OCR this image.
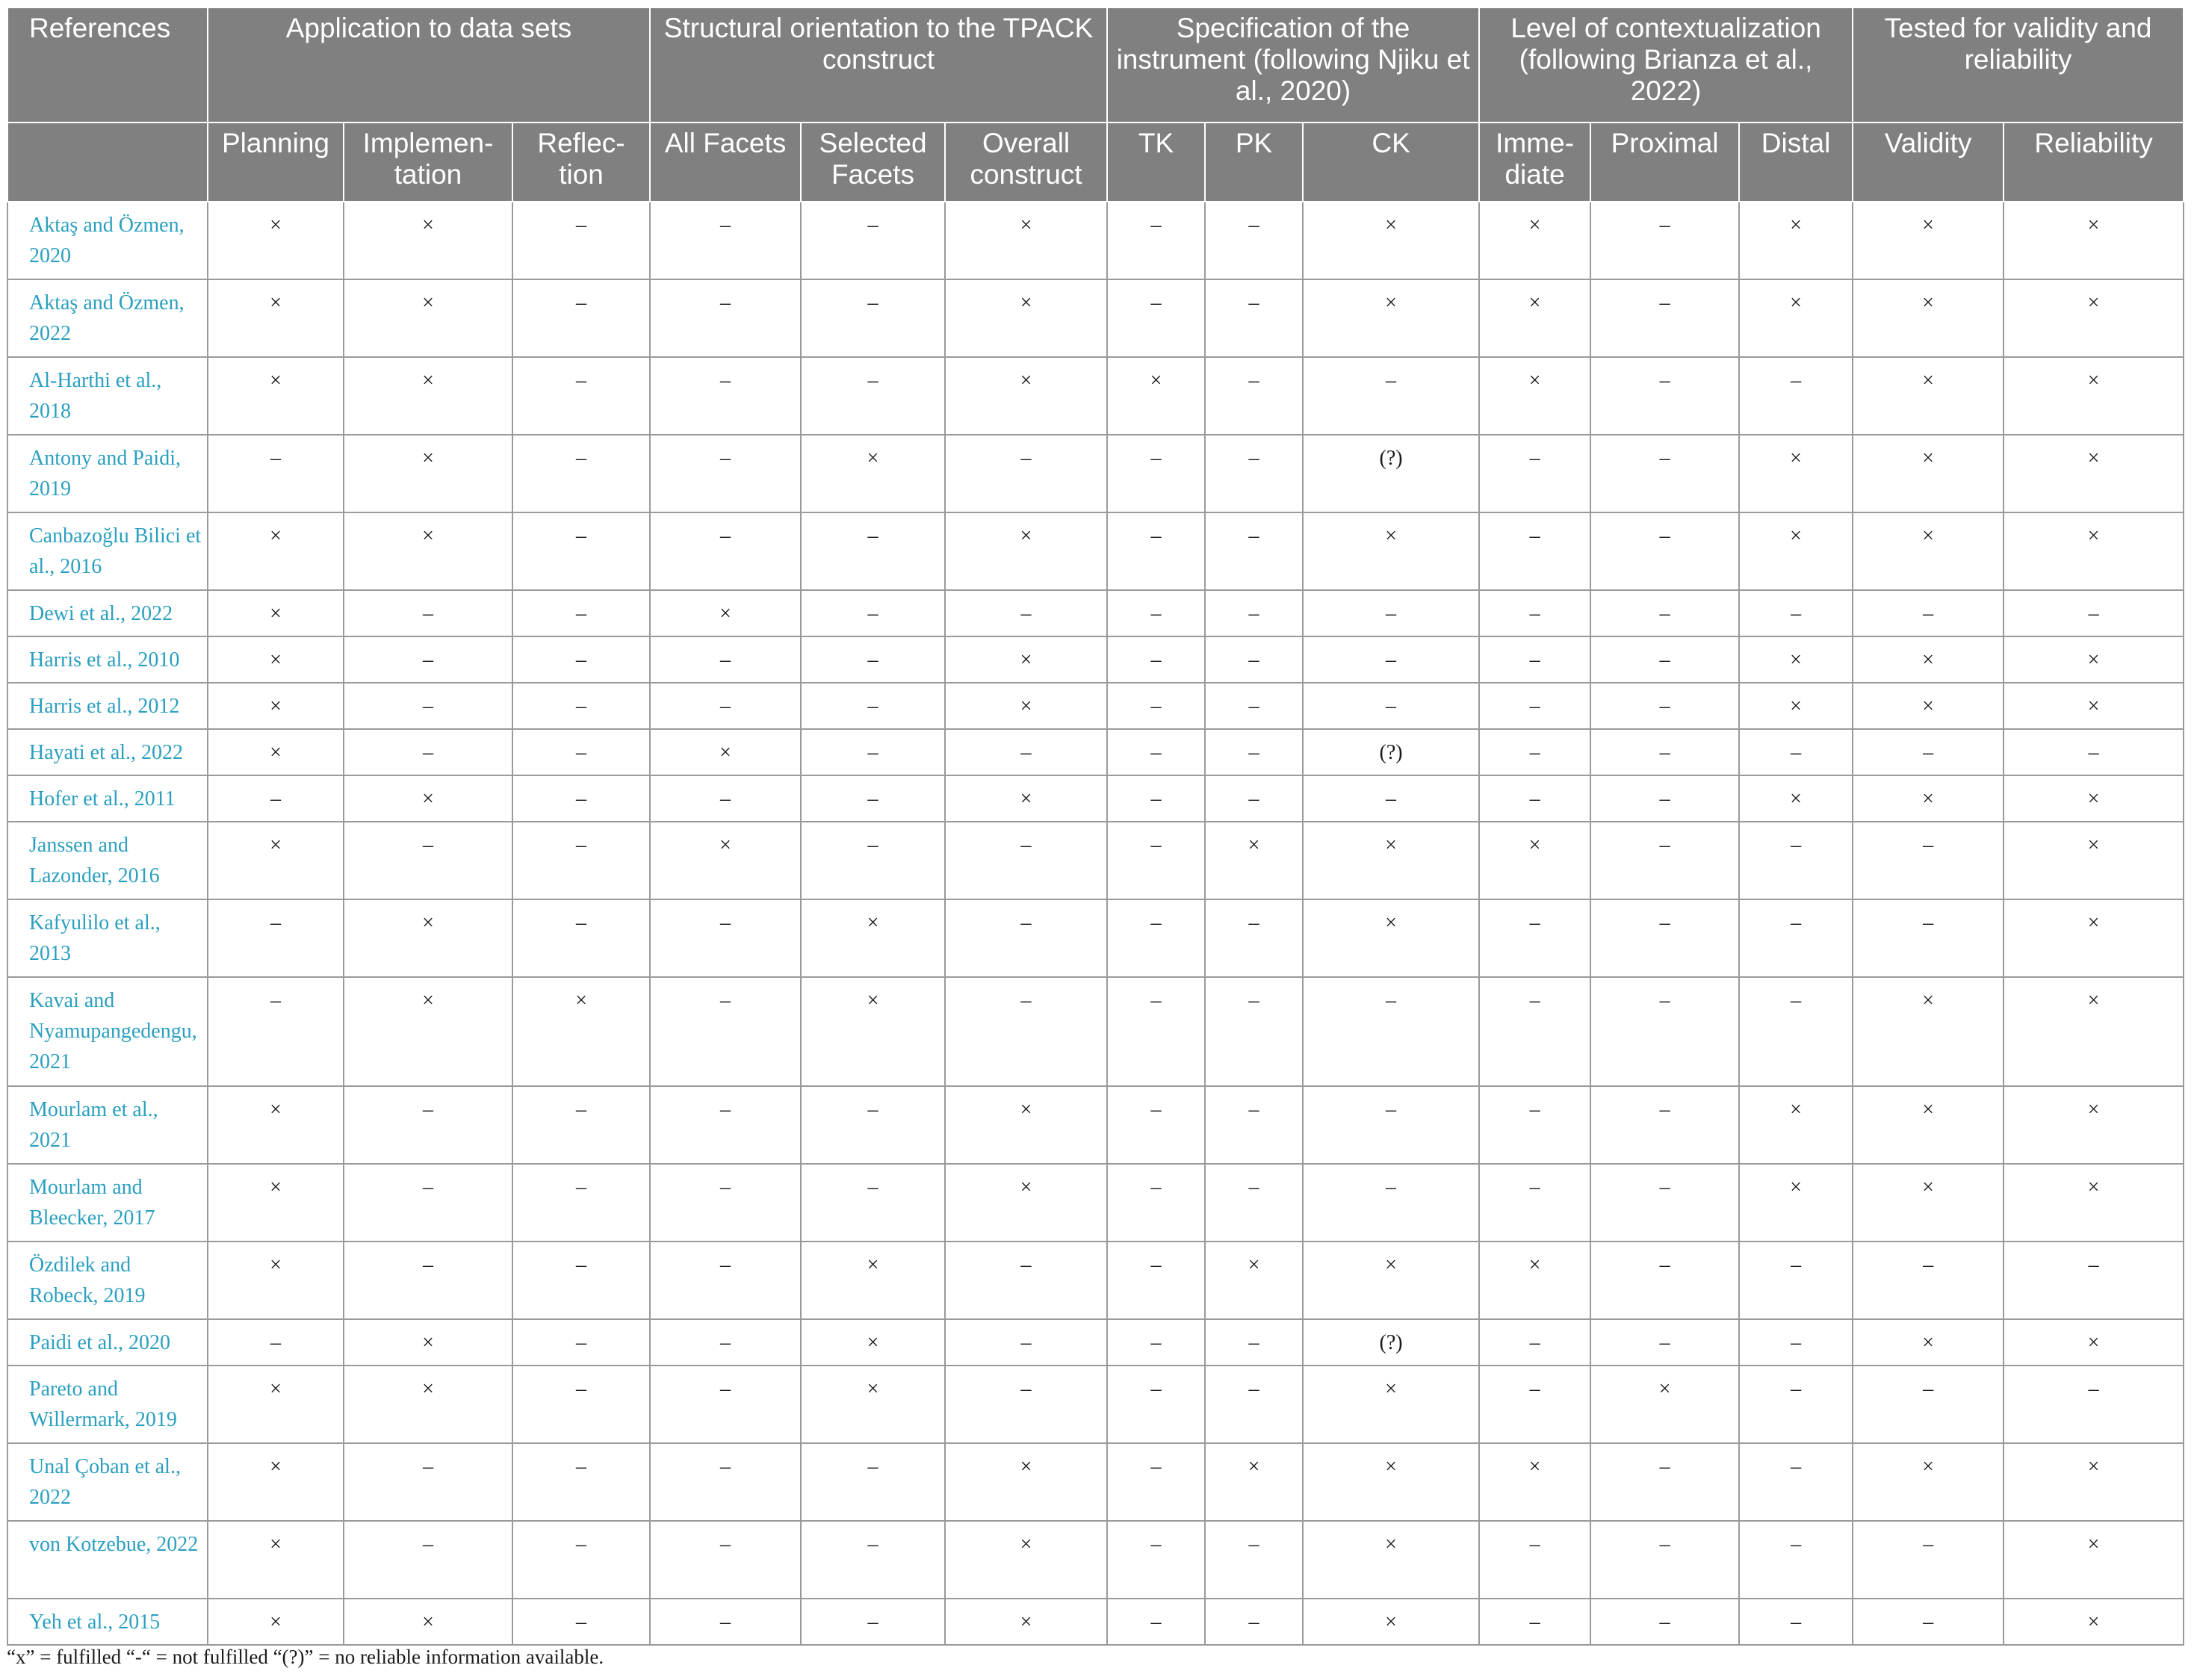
References	Application to data sets			Structural orientation to the TPACK construct			Specification of the instrument (following Njiku et al., 2020)			Level of contextualization (following Brianza et al., 2022)			Tested for validity and reliability	
	Planning	Implemen-tation	Reflec-tion	All Facets	Selected Facets	Overall construct	TK	PK	CK	Imme-diate	Proximal	Distal	Validity	Reliability
Aktaş and Özmen, 2020	×	×	–	–	–	×	–	–	×	×	–	×	×	×
Aktaş and Özmen, 2022	×	×	–	–	–	×	–	–	×	×	–	×	×	×
Al-Harthi et al., 2018	×	×	–	–	–	×	×	–	–	×	–	–	×	×
Antony and Paidi, 2019	–	×	–	–	×	–	–	–	(?)	–	–	×	×	×
Canbazoğlu Bilici et al., 2016	×	×	–	–	–	×	–	–	×	–	–	×	×	×
Dewi et al., 2022	×	–	–	×	–	–	–	–	–	–	–	–	–	–
Harris et al., 2010	×	–	–	–	–	×	–	–	–	–	–	×	×	×
Harris et al., 2012	×	–	–	–	–	×	–	–	–	–	–	×	×	×
Hayati et al., 2022	×	–	–	×	–	–	–	–	(?)	–	–	–	–	–
Hofer et al., 2011	–	×	–	–	–	×	–	–	–	–	–	×	×	×
Janssen and Lazonder, 2016	×	–	–	×	–	–	–	×	×	×	–	–	–	×
Kafyulilo et al., 2013	–	×	–	–	×	–	–	–	×	–	–	–	–	×
Kavai and Nyamupangedengu, 2021	–	×	×	–	×	–	–	–	–	–	–	–	×	×
Mourlam et al., 2021	×	–	–	–	–	×	–	–	–	–	–	×	×	×
Mourlam and Bleecker, 2017	×	–	–	–	–	×	–	–	–	–	–	×	×	×
Özdilek and Robeck, 2019	×	–	–	–	×	–	–	×	×	×	–	–	–	–
Paidi et al., 2020	–	×	–	–	×	–	–	–	(?)	–	–	–	×	×
Pareto and Willermark, 2019	×	×	–	–	×	–	–	–	×	–	×	–	–	–
Unal Çoban et al., 2022	×	–	–	–	–	×	–	×	×	×	–	–	×	×
von Kotzebue, 2022	×	–	–	–	–	×	–	–	×	–	–	–	–	×
Yeh et al., 2015	×	×	–	–	–	×	–	–	×	–	–	–	–	×
“x” = fulfilled “-“ = not fulfilled “(?)” = no reliable information available.
